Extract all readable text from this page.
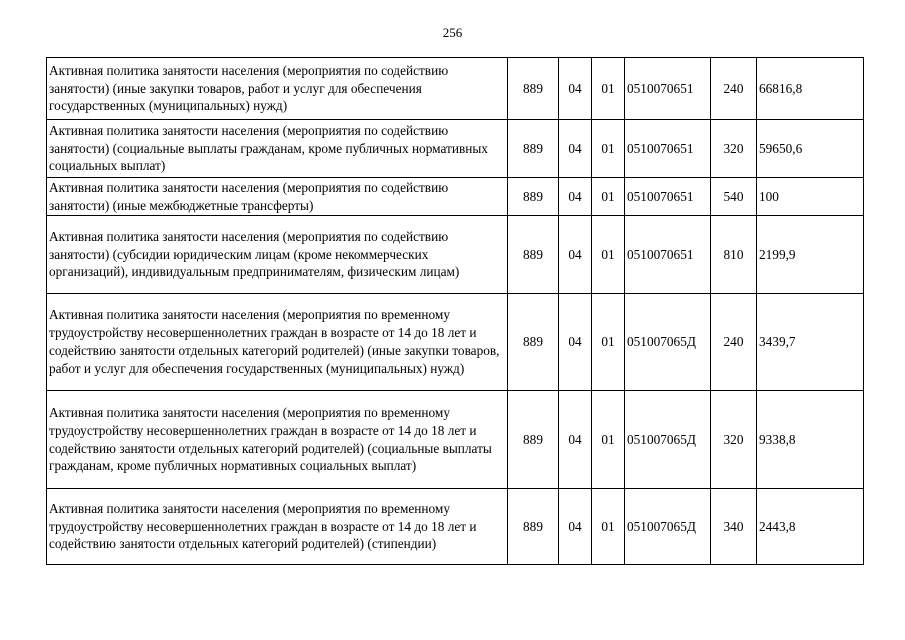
256
Активная политика занятости населения (мероприятия по содействию занятости) (иные закупки товаров, работ и услуг для обеспечения государственных (муниципальных) нужд)	889	04	01	0510070651	240	66816,8
Активная политика занятости населения (мероприятия по содействию занятости) (социальные выплаты гражданам, кроме публичных нормативных социальных выплат)	889	04	01	0510070651	320	59650,6
Активная политика занятости населения (мероприятия по содействию занятости) (иные межбюджетные трансферты)	889	04	01	0510070651	540	100
Активная политика занятости населения (мероприятия по содействию занятости) (субсидии юридическим лицам (кроме некоммерческих организаций), индивидуальным предпринимателям, физическим лицам)	889	04	01	0510070651	810	2199,9
Активная политика занятости населения (мероприятия по временному трудоустройству несовершеннолетних граждан в возрасте от 14 до 18 лет и содействию занятости отдельных категорий родителей) (иные закупки товаров, работ и услуг для обеспечения государственных (муниципальных) нужд)	889	04	01	051007065Д	240	3439,7
Активная политика занятости населения (мероприятия по временному трудоустройству несовершеннолетних граждан в возрасте от 14 до 18 лет и содействию занятости отдельных категорий родителей) (социальные выплаты гражданам, кроме публичных нормативных социальных выплат)	889	04	01	051007065Д	320	9338,8
Активная политика занятости населения (мероприятия по временному трудоустройству несовершеннолетних граждан в возрасте от 14 до 18 лет и содействию занятости отдельных категорий родителей) (стипендии)	889	04	01	051007065Д	340	2443,8
